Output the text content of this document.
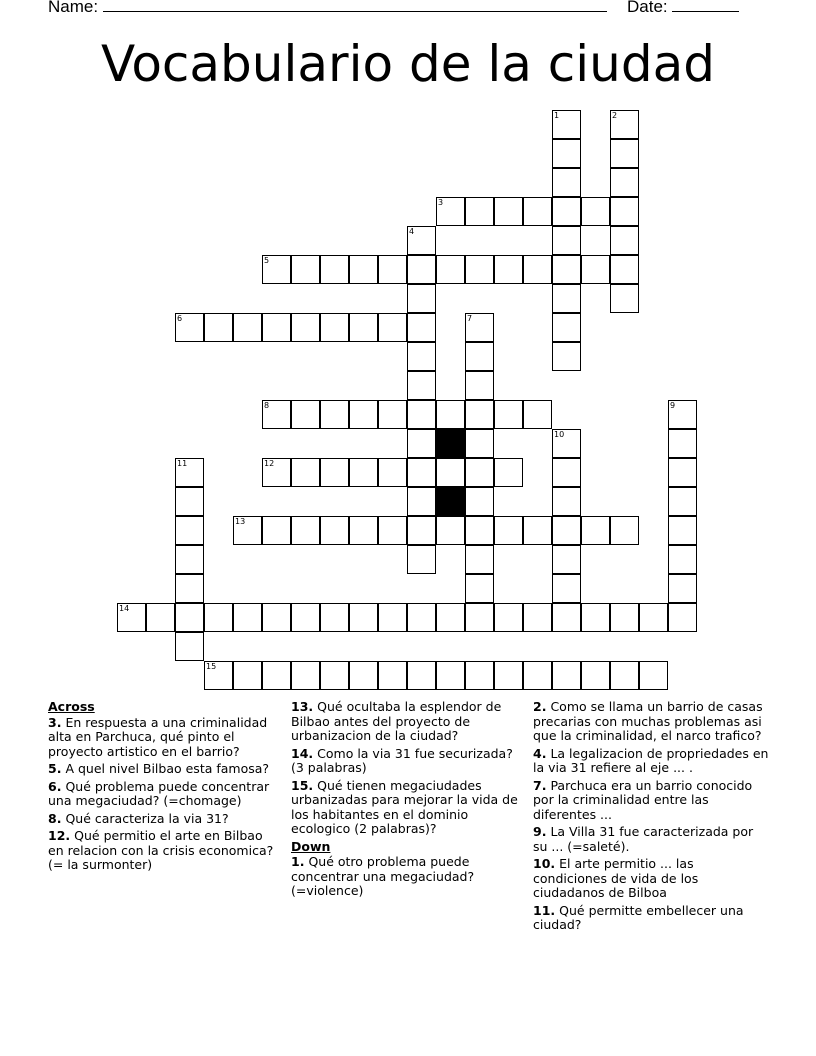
Name:	Date:
Vocabulario de la ciudad
1	2
3
4
5
6	7
8	9
10
11	12
13
14
15
Across
3. En respuesta a una criminalidad alta en Parchuca, qué pinto el proyecto artistico en el barrio?
5. A quel nivel Bilbao esta famosa?
6. Qué problema puede concentrar una megaciudad? (=chomage)
8. Qué caracteriza la via 31?
12. Qué permitio el arte en Bilbao en relacion con la crisis economica? (= la surmonter)
13. Qué ocultaba la esplendor de Bilbao antes del proyecto de urbanizacion de la ciudad?
14. Como la via 31 fue securizada? (3 palabras)
15. Qué tienen megaciudades urbanizadas para mejorar la vida de los habitantes en el dominio ecologico (2 palabras)?
Down
1. Qué otro problema puede concentrar una megaciudad? (=violence)
2. Como se llama un barrio de casas precarias con muchas problemas asi que la criminalidad, el narco trafico?
4. La legalizacion de propriedades en la via 31 refiere al eje ... .
7. Parchuca era un barrio conocido por la criminalidad entre las diferentes ...
9. La Villa 31 fue caracterizada por su ... (=saleté).
10. El arte permitio ... las condiciones de vida de los ciudadanos de Bilboa
11. Qué permitte embellecer una ciudad?
